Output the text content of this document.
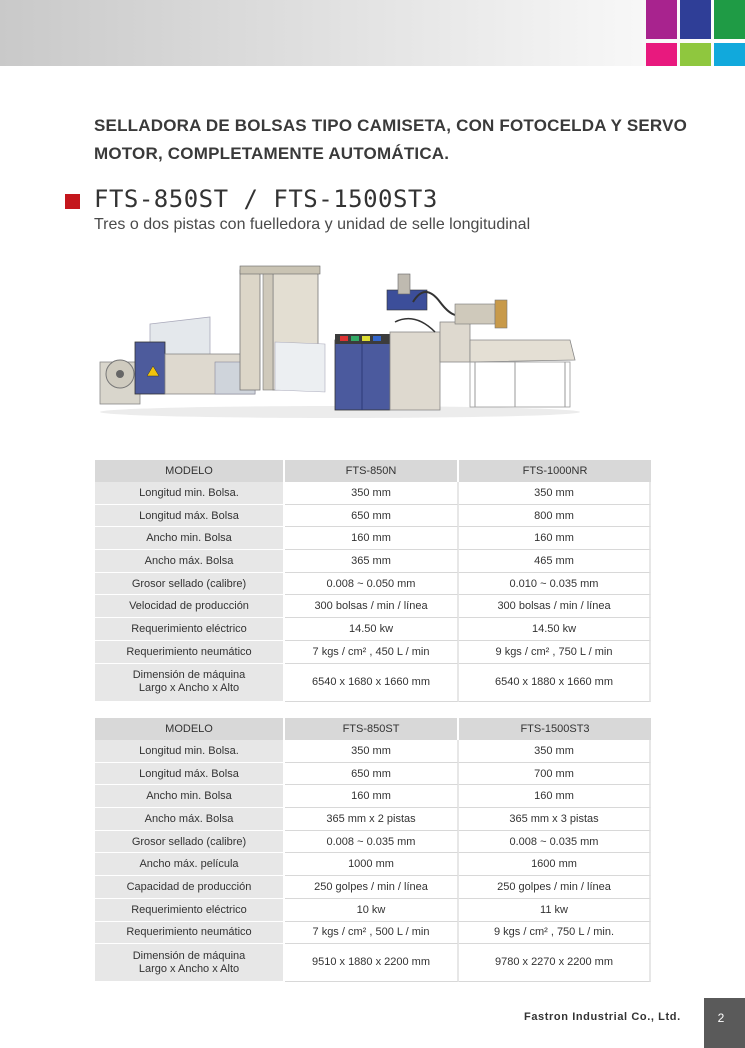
SELLADORA DE BOLSAS TIPO CAMISETA, CON FOTOCELDA Y SERVO
MOTOR, COMPLETAMENTE AUTOMÁTICA.
FTS-850ST / FTS-1500ST3
Tres o dos pistas con fuelledora y unidad de selle longitudinal
MODELO	FTS-850N	FTS-1000NR
Longitud min. Bolsa.	350 mm	350 mm
Longitud máx. Bolsa	650 mm	800 mm
Ancho min. Bolsa	160 mm	160 mm
Ancho máx. Bolsa	365 mm	465 mm
Grosor sellado (calibre)	0.008 ~ 0.050 mm	0.010 ~ 0.035 mm
Velocidad de producción	300 bolsas / min / línea	300 bolsas / min / línea
Requerimiento eléctrico	14.50 kw	14.50 kw
Requerimiento neumático	7 kgs / cm² , 450 L / min	9 kgs / cm² , 750 L / min

Dimensión de máquina
Largo x Ancho x Alto	6540 x 1680 x 1660 mm	6540 x 1880 x 1660 mm
MODELO	FTS-850ST	FTS-1500ST3
Longitud min. Bolsa.	350 mm	350 mm
Longitud máx. Bolsa	650 mm	700 mm
Ancho min. Bolsa	160 mm	160 mm
Ancho máx. Bolsa	365 mm x 2 pistas	365 mm x 3 pistas
Grosor sellado (calibre)	0.008 ~ 0.035 mm	0.008 ~ 0.035 mm
Ancho máx. película	1000 mm	1600 mm
Capacidad de producción	250 golpes / min / línea	250 golpes / min / línea
Requerimiento eléctrico	10 kw	11 kw
Requerimiento neumático	7 kgs / cm² , 500 L / min	9 kgs / cm² , 750 L / min.

Dimensión de máquina
Largo x Ancho x Alto	9510 x 1880 x 2200 mm	9780 x 2270 x 2200 mm
Fastron Industrial Co., Ltd.	2
